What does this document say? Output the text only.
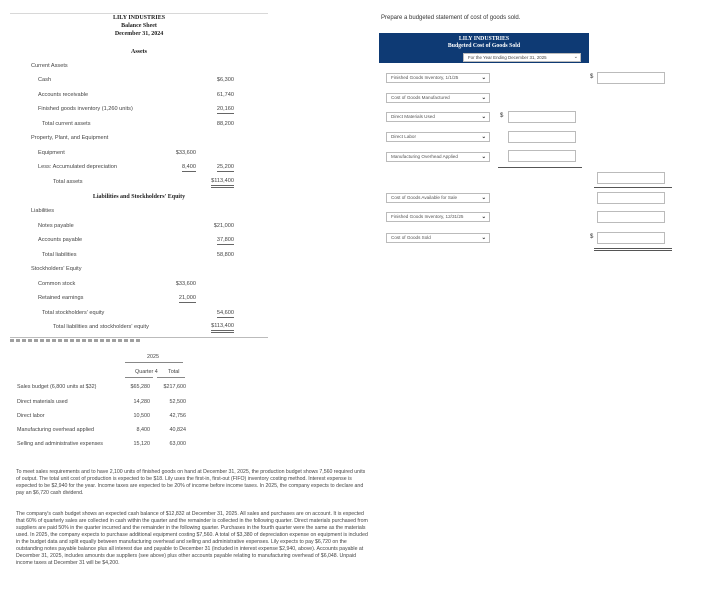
LILY INDUSTRIES
Balance Sheet
December 31, 2024
Assets
Current Assets
Cash	$6,300
Accounts receivable	61,740
Finished goods inventory (1,260 units)	20,160
Total current assets	88,200
Property, Plant, and Equipment
Equipment	$33,600
Less: Accumulated depreciation	8,400	25,200
Total assets	$113,400
Liabilities and Stockholders' Equity
Liabilities
Notes payable	$21,000
Accounts payable	37,800
Total liabilities	58,800
Stockholders' Equity
Common stock	$33,600
Retained earnings	21,000
Total stockholders' equity	54,600
Total liabilities and stockholders' equity	$113,400
2025
Quarter 4 Total
Sales budget (6,800 units at $32)	$65,280	$217,600
Direct materials used	14,280	52,500
Direct labor	10,500	42,756
Manufacturing overhead applied	8,400	40,824
Selling and administrative expenses	15,120	63,000
To meet sales requirements and to have 2,100 units of finished goods on hand at December 31, 2025, the production budget shows 7,560 required units of output. The total unit cost of production is expected to be $18. Lily uses the first-in, first-out (FIFO) inventory costing method. Interest expense is expected to be $2,940 for the year. Income taxes are expected to be 20% of income before income taxes. In 2025, the company expects to declare and pay an $6,720 cash dividend.
The company's cash budget shows an expected cash balance of $12,832 at December 31, 2025. All sales and purchases are on account. It is expected that 60% of quarterly sales are collected in cash within the quarter and the remainder is collected in the following quarter. Direct materials purchased from suppliers are paid 50% in the quarter incurred and the remainder in the following quarter. Purchases in the fourth quarter were the same as the materials used. In 2025, the company expects to purchase additional equipment costing $7,560. A total of $3,380 of depreciation expense on equipment is included in the budget data and split equally between manufacturing overhead and selling and administrative expenses. Lily expects to pay $6,720 on the outstanding notes payable balance plus all interest due and payable to December 31 (included in interest expense $2,940, above). Accounts payable at December 31, 2025, includes amounts due suppliers (see above) plus other accounts payable relating to manufacturing overhead of $6,048. Unpaid income taxes at December 31 will be $4,200.
Prepare a budgeted statement of cost of goods sold.
LILY INDUSTRIES
Budgeted Cost of Goods Sold
For the Year Ending December 31, 2025	⌄
Finished Goods Inventory, 1/1/25	⌄	$
Cost of Goods Manufactured	⌄
Direct Materials Used	⌄ $
Direct Labor	⌄
Manufacturing Overhead Applied	⌄
Cost of Goods Available for Sale	⌄
Finished Goods Inventory, 12/31/25	⌄
Cost of Goods Sold	⌄	$
